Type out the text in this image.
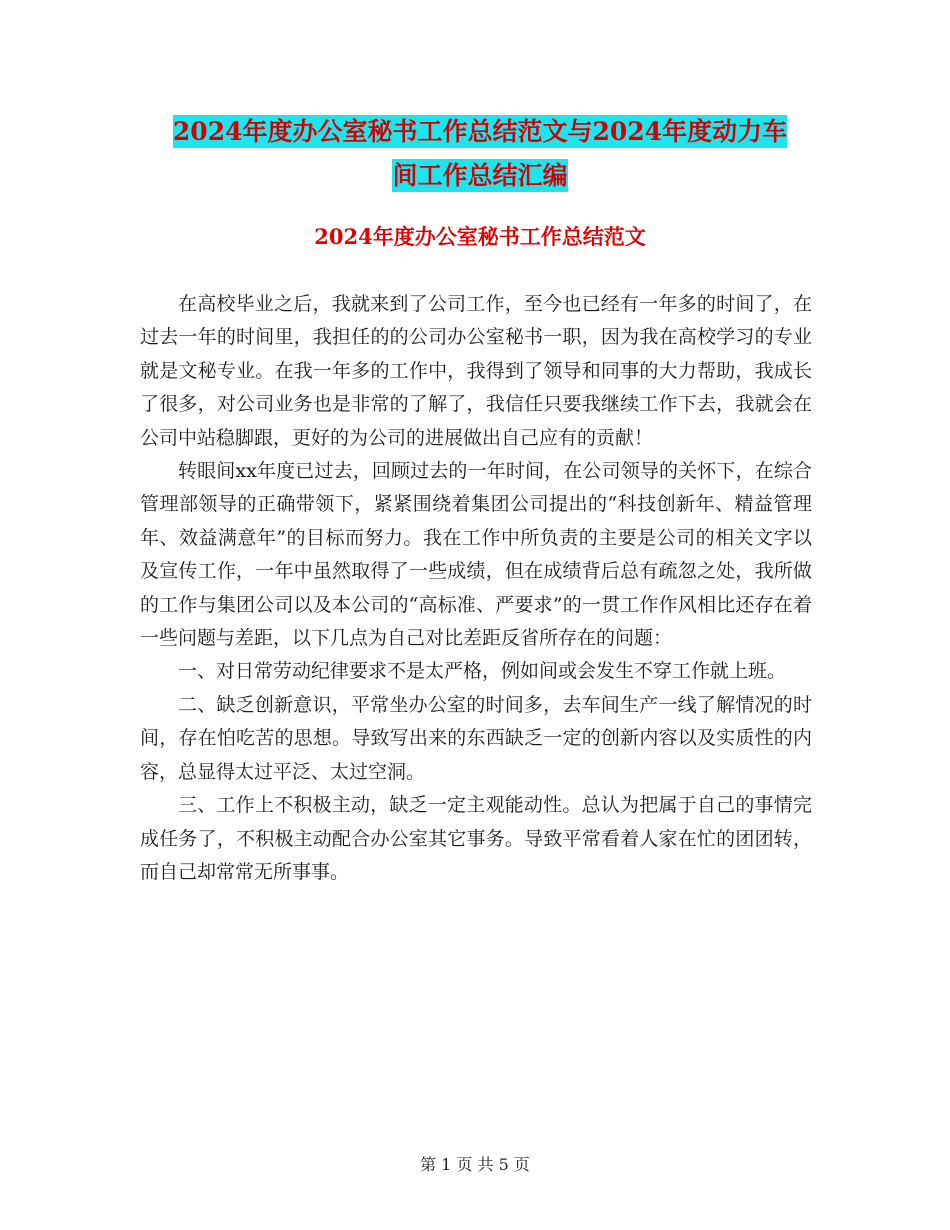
2024年度办公室秘书工作总结范文与2024年度动力车
间工作总结汇编
2024年度办公室秘书工作总结范文

在高校毕业之后，我就来到了公司工作，至今也已经有一年多的时间了，在过去一年的时间里，我担任的的公司办公室秘书一职，因为我在高校学习的专业就是文秘专业。在我一年多的工作中，我得到了领导和同事的大力帮助，我成长了很多，对公司业务也是非常的了解了，我信任只要我继续工作下去，我就会在公司中站稳脚跟，更好的为公司的进展做出自己应有的贡献！

转眼间xx年度已过去，回顾过去的一年时间，在公司领导的关怀下，在综合管理部领导的正确带领下，紧紧围绕着集团公司提出的“科技创新年、精益管理年、效益满意年”的目标而努力。我在工作中所负责的主要是公司的相关文字以及宣传工作，一年中虽然取得了一些成绩，但在成绩背后总有疏忽之处，我所做的工作与集团公司以及本公司的“高标准、严要求”的一贯工作作风相比还存在着一些问题与差距，以下几点为自己对比差距反省所存在的问题：

一、对日常劳动纪律要求不是太严格，例如间或会发生不穿工作就上班。

二、缺乏创新意识，平常坐办公室的时间多，去车间生产一线了解情况的时间，存在怕吃苦的思想。导致写出来的东西缺乏一定的创新内容以及实质性的内容，总显得太过平泛、太过空洞。

三、工作上不积极主动，缺乏一定主观能动性。总认为把属于自己的事情完成任务了，不积极主动配合办公室其它事务。导致平常看着人家在忙的团团转，而自己却常常无所事事。

第 1 页 共 5 页
